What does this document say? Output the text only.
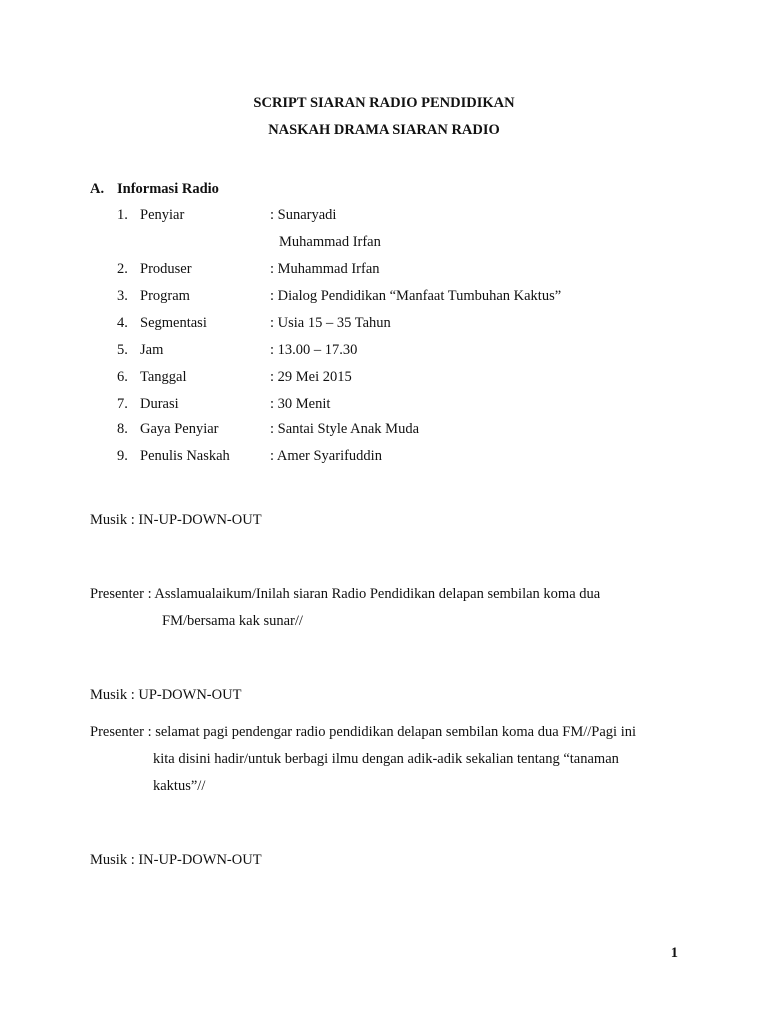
SCRIPT SIARAN RADIO PENDIDIKAN
NASKAH DRAMA SIARAN RADIO
A. Informasi Radio
1. Penyiar	: Sunaryadi
Muhammad Irfan
2. Produser	: Muhammad Irfan
3. Program	: Dialog Pendidikan “Manfaat Tumbuhan Kaktus”
4. Segmentasi	: Usia 15 – 35 Tahun
5. Jam	: 13.00 – 17.30
6. Tanggal	: 29 Mei 2015
7. Durasi	: 30 Menit
8. Gaya Penyiar	: Santai Style Anak Muda
9. Penulis Naskah	: Amer Syarifuddin
Musik : IN-UP-DOWN-OUT
Presenter : Asslamualaikum/Inilah siaran Radio Pendidikan delapan sembilan koma dua
FM/bersama kak sunar//
Musik : UP-DOWN-OUT
Presenter : selamat pagi pendengar radio pendidikan delapan sembilan koma dua FM//Pagi ini
kita disini hadir/untuk berbagi ilmu dengan adik-adik sekalian tentang “tanaman
kaktus”//
Musik : IN-UP-DOWN-OUT
1
